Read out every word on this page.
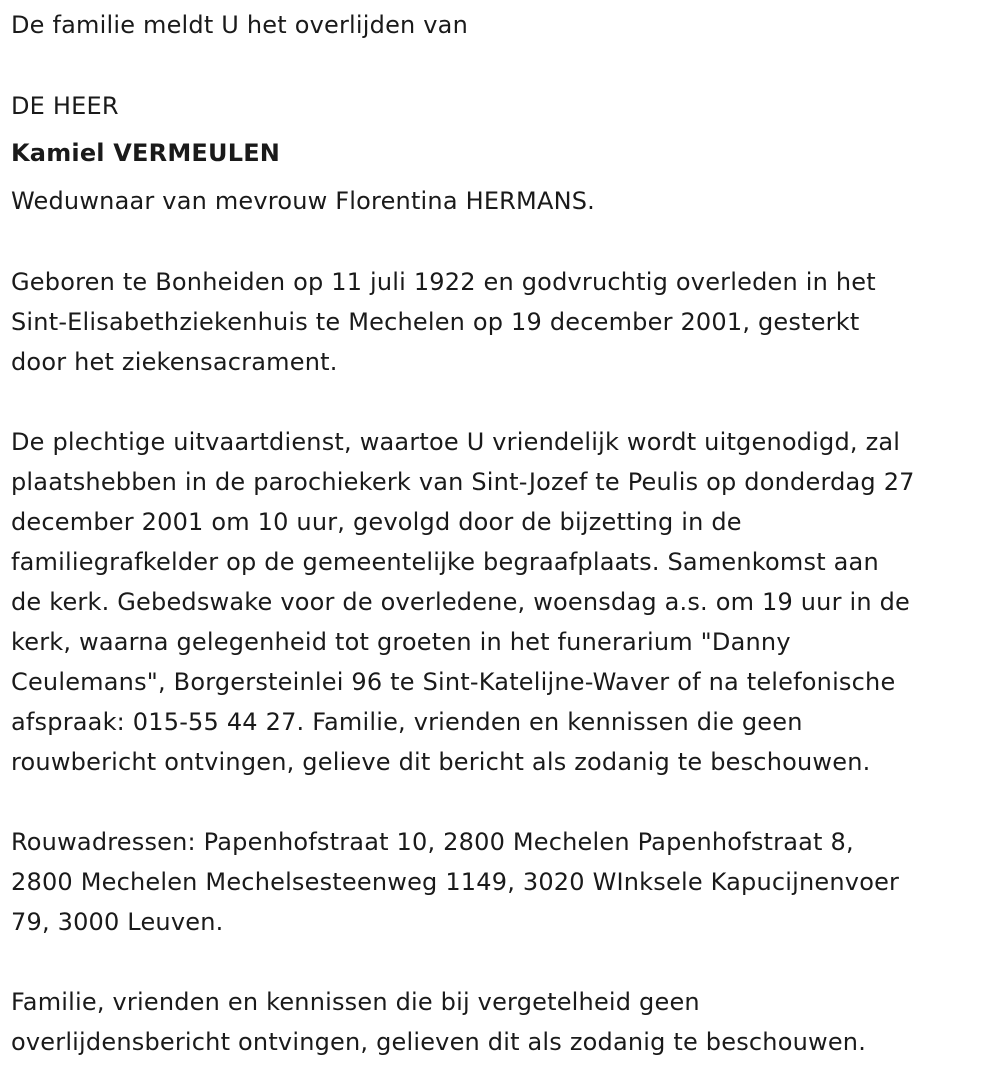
De familie meldt U het overlijden van
DE HEER
Kamiel VERMEULEN
Weduwnaar van mevrouw Florentina HERMANS.
Geboren te Bonheiden op 11 juli 1922 en godvruchtig overleden in het
Sint-Elisabethziekenhuis te Mechelen op 19 december 2001, gesterkt
door het ziekensacrament.
De plechtige uitvaartdienst, waartoe U vriendelijk wordt uitgenodigd, zal
plaatshebben in de parochiekerk van Sint-Jozef te Peulis op donderdag 27
december 2001 om 10 uur, gevolgd door de bijzetting in de
familiegrafkelder op de gemeentelijke begraafplaats. Samenkomst aan
de kerk. Gebedswake voor de overledene, woensdag a.s. om 19 uur in de
kerk, waarna gelegenheid tot groeten in het funerarium "Danny
Ceulemans", Borgersteinlei 96 te Sint-Katelijne-Waver of na telefonische
afspraak: 015-55 44 27. Familie, vrienden en kennissen die geen
rouwbericht ontvingen, gelieve dit bericht als zodanig te beschouwen.
Rouwadressen: Papenhofstraat 10, 2800 Mechelen Papenhofstraat 8,
2800 Mechelen Mechelsesteenweg 1149, 3020 WInksele Kapucijnenvoer
79, 3000 Leuven.
Familie, vrienden en kennissen die bij vergetelheid geen
overlijdensbericht ontvingen, gelieven dit als zodanig te beschouwen.
